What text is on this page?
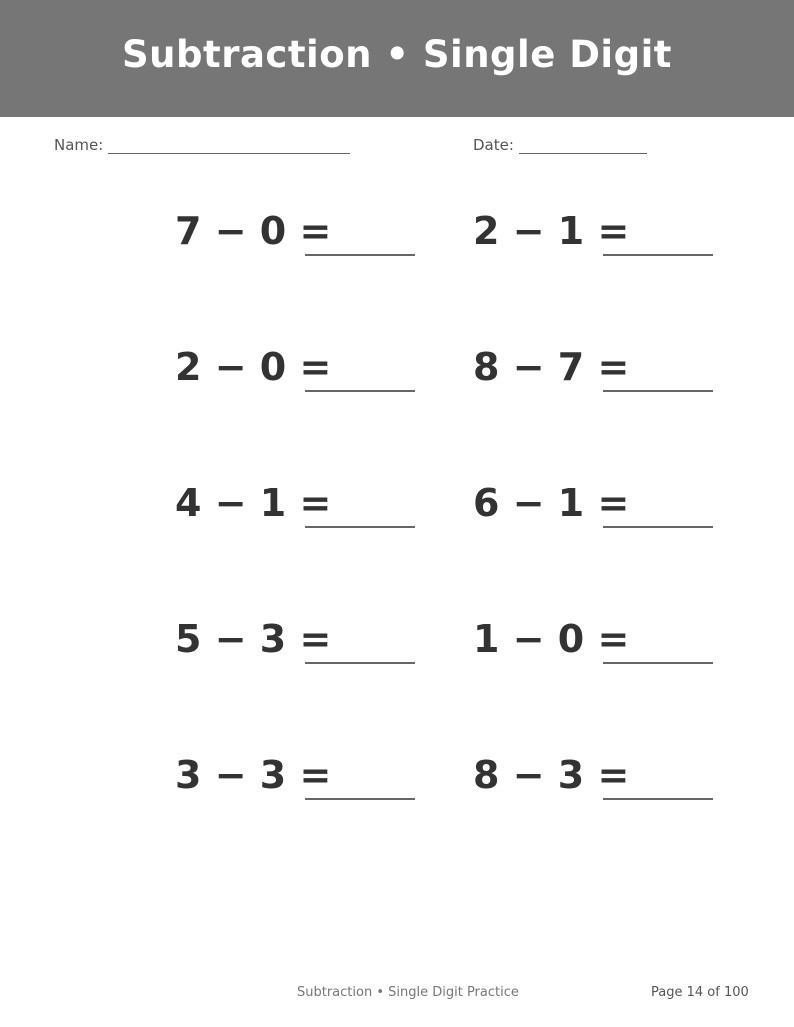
Subtraction • Single Digit
Name:	Date:
7 − 0 =	2 − 1 =
2 − 0 =	8 − 7 =
4 − 1 =	6 − 1 =
5 − 3 =	1 − 0 =
3 − 3 =	8 − 3 =
Subtraction • Single Digit Practice	Page 14 of 100
